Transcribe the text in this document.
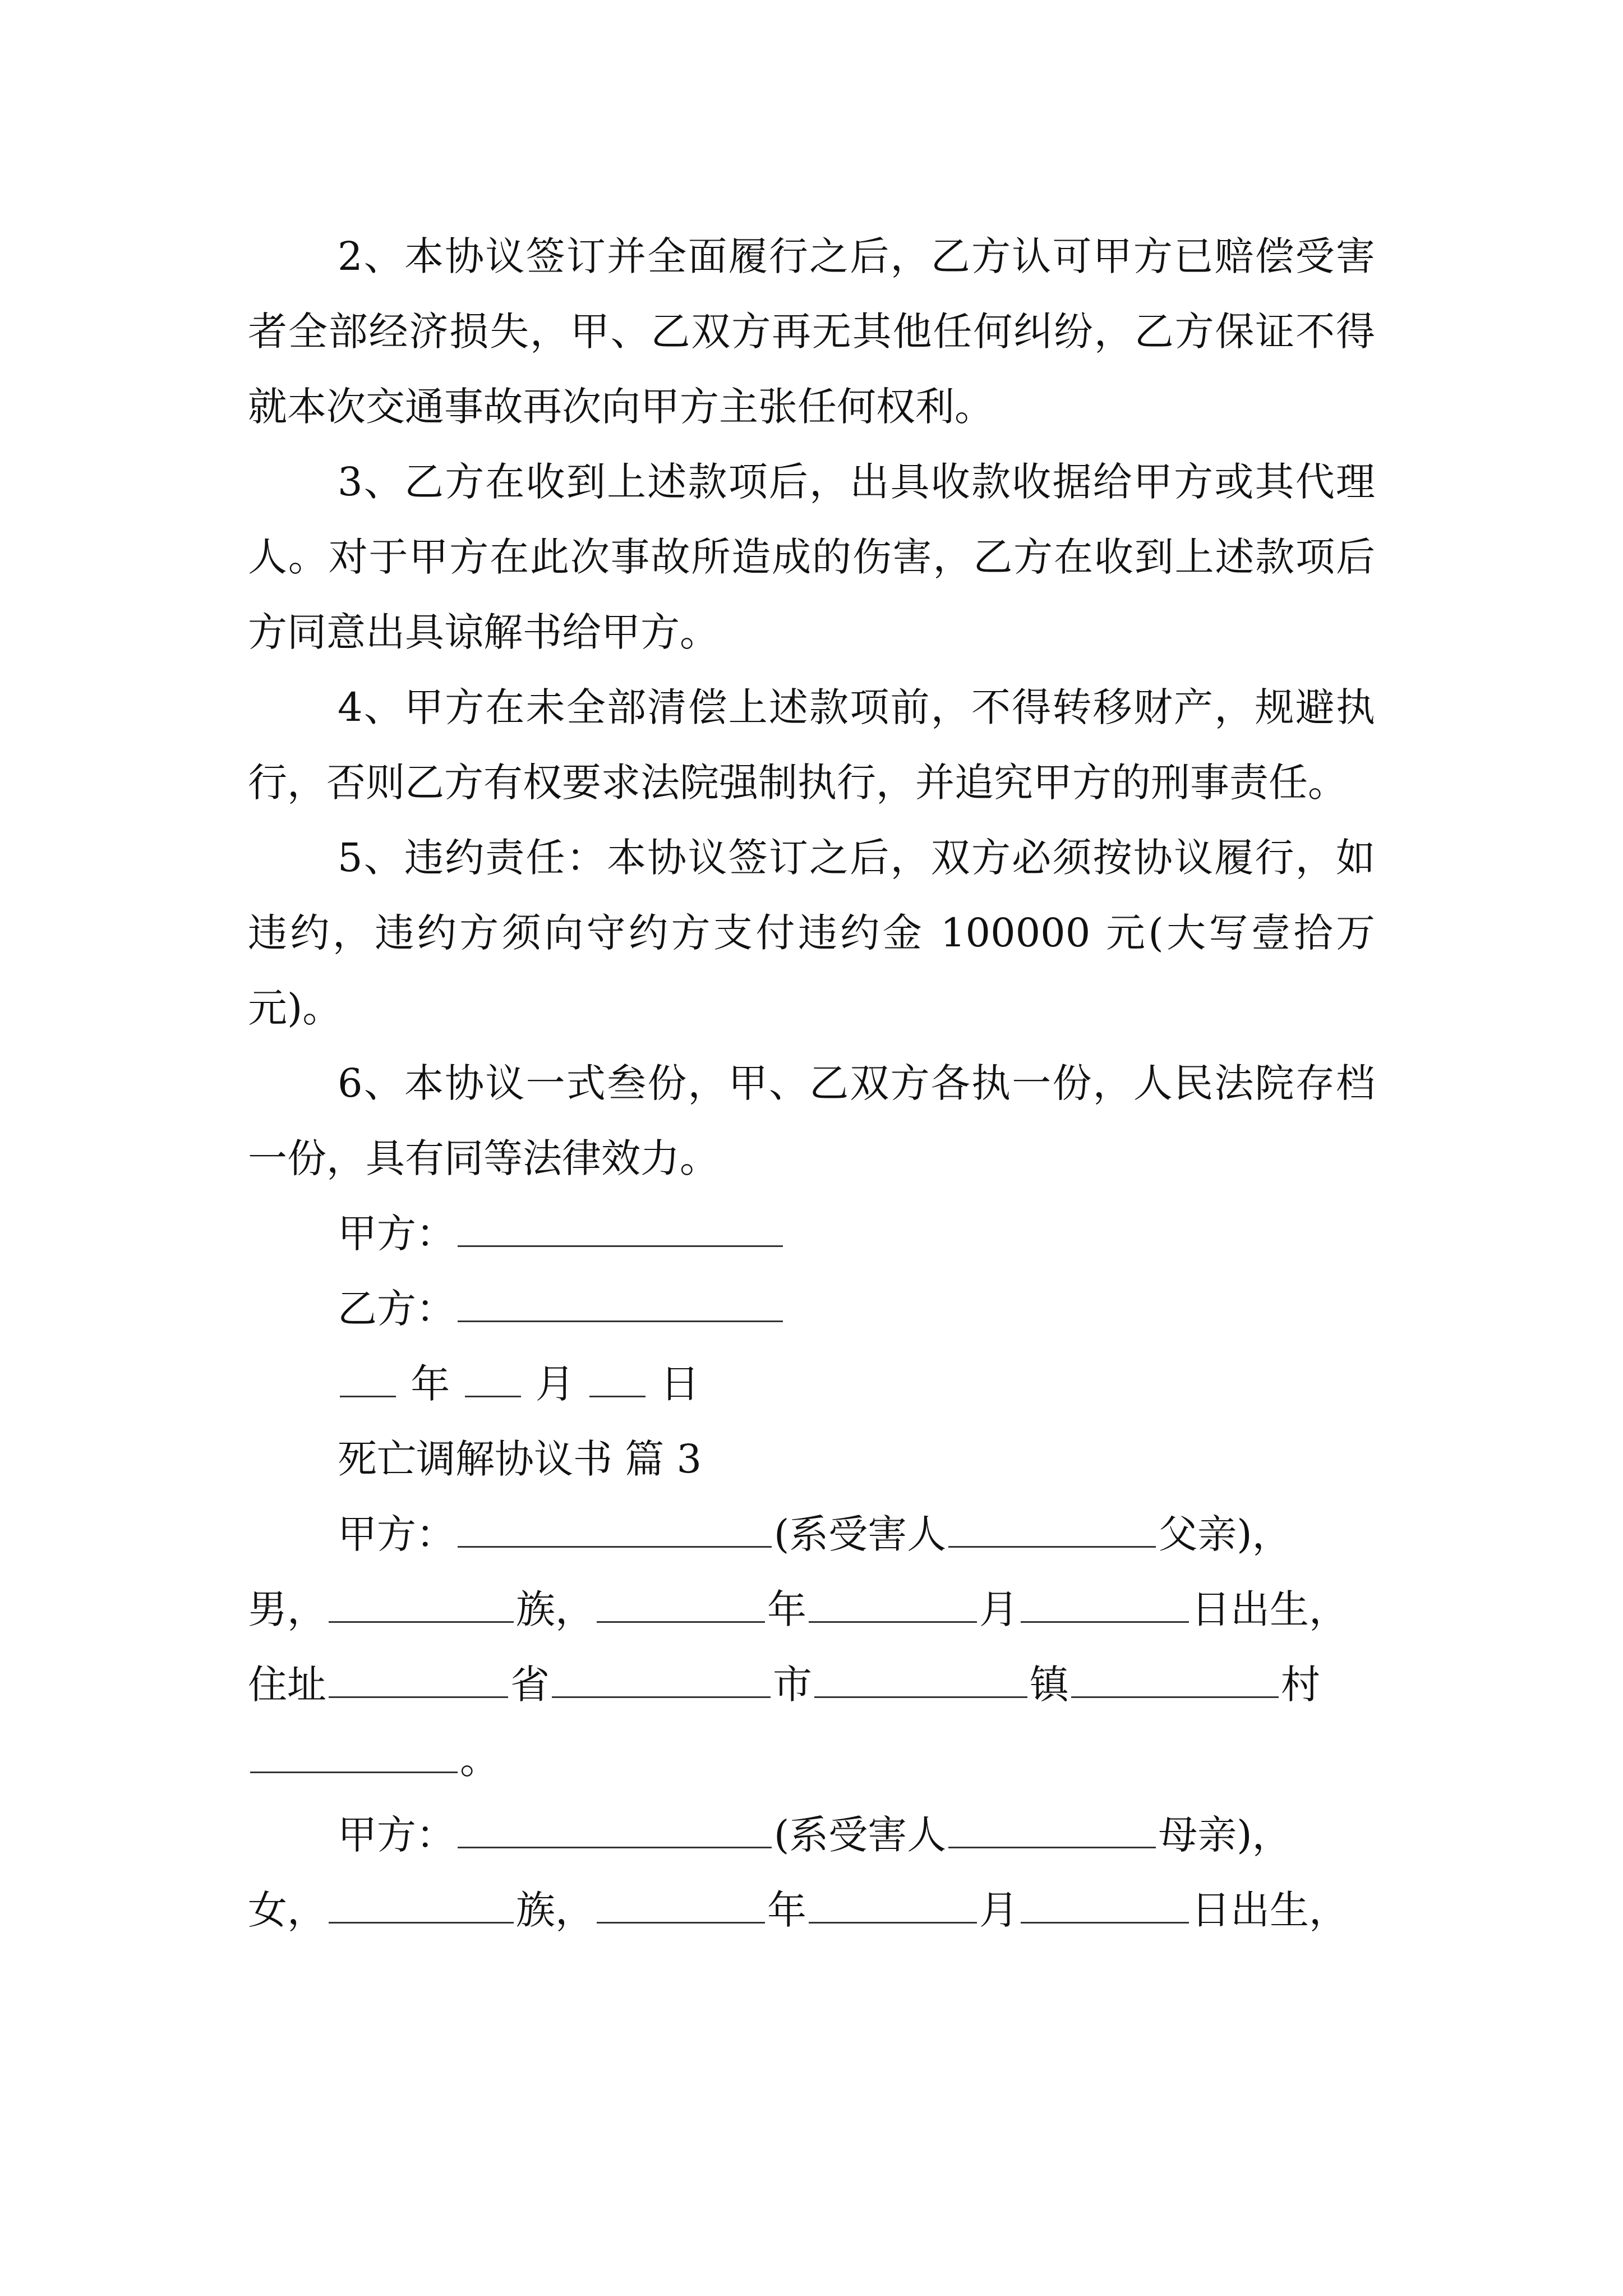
2、本协议签订并全面履行之后，乙方认可甲方已赔偿受害者全部经济损失，甲、乙双方再无其他任何纠纷，乙方保证不得就本次交通事故再次向甲方主张任何权利。

3、乙方在收到上述款项后，出具收款收据给甲方或其代理人。对于甲方在此次事故所造成的伤害，乙方在收到上述款项后方同意出具谅解书给甲方。

4、甲方在未全部清偿上述款项前，不得转移财产，规避执行，否则乙方有权要求法院强制执行，并追究甲方的刑事责任。

5、违约责任：本协议签订之后，双方必须按协议履行，如违约，违约方须向守约方支付违约金 100000 元(大写壹拾万元)。

6、本协议一式叁份，甲、乙双方各执一份，人民法院存档一份，具有同等法律效力。

甲方：
乙方：
年 月 日
死亡调解协议书 篇 3
甲方：	(系受害人	父亲)，
男，	族，	年	月	日出生，
住址	省	市	镇	村
。
甲方：	(系受害人	母亲)，
女，	族，	年	月	日出生，
